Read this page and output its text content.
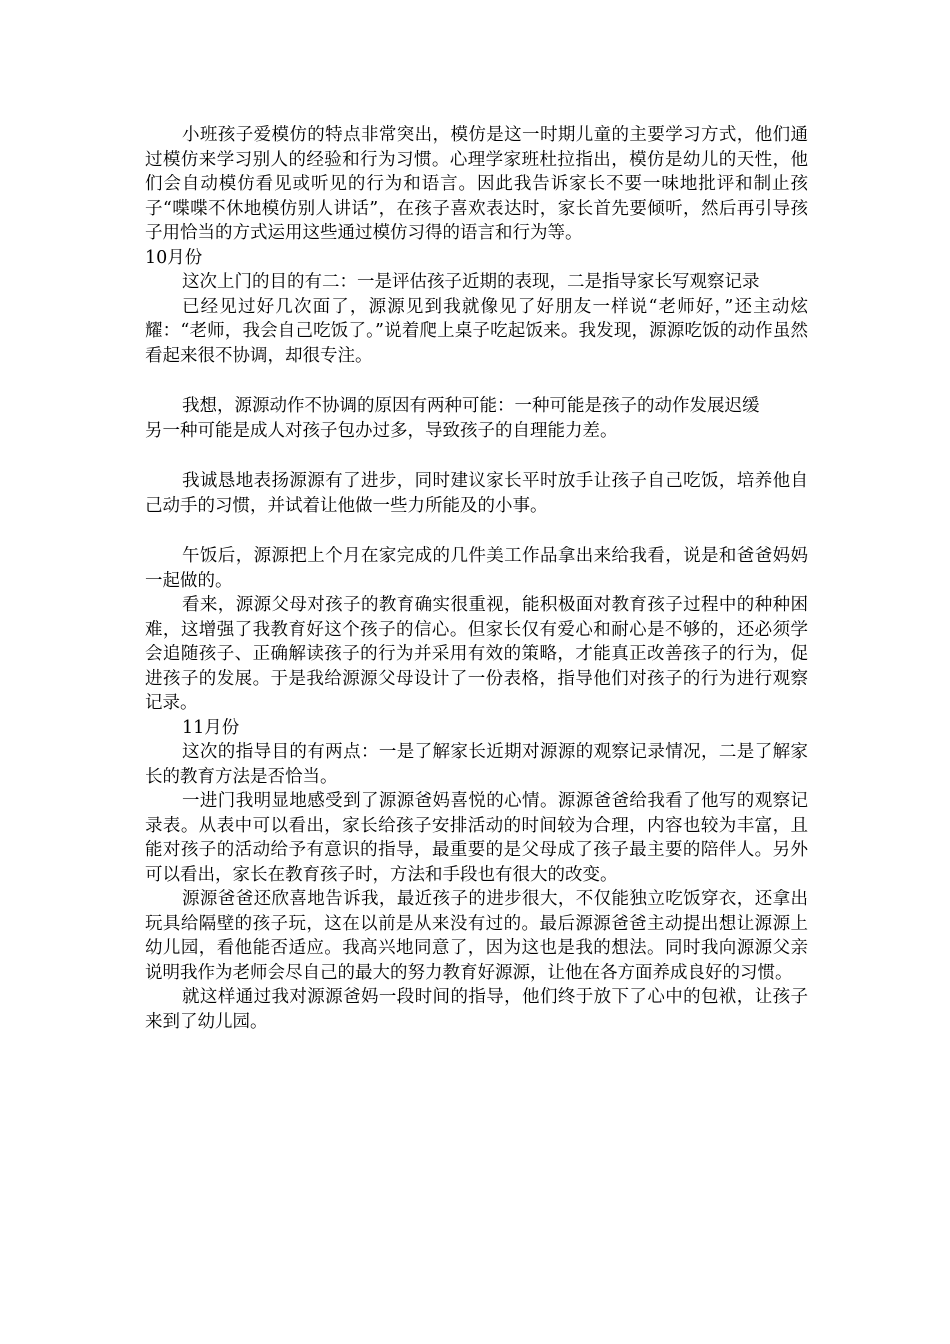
小班孩子爱模仿的特点非常突出，模仿是这一时期儿童的主要学习方式，他们通过模仿来学习别人的经验和行为习惯。心理学家班杜拉指出，模仿是幼儿的天性，他们会自动模仿看见或听见的行为和语言。因此我告诉家长不要一味地批评和制止孩子“喋喋不休地模仿别人讲话”，在孩子喜欢表达时，家长首先要倾听，然后再引导孩子用恰当的方式运用这些通过模仿习得的语言和行为等。

10月份

这次上门的目的有二：一是评估孩子近期的表现，二是指导家长写观察记录

已经见过好几次面了，源源见到我就像见了好朋友一样说“老师好，”还主动炫耀：“老师，我会自己吃饭了。”说着爬上桌子吃起饭来。我发现，源源吃饭的动作虽然看起来很不协调，却很专注。

我想，源源动作不协调的原因有两种可能：一种可能是孩子的动作发展迟缓

另一种可能是成人对孩子包办过多，导致孩子的自理能力差。

我诚恳地表扬源源有了进步，同时建议家长平时放手让孩子自己吃饭，培养他自己动手的习惯，并试着让他做一些力所能及的小事。

午饭后，源源把上个月在家完成的几件美工作品拿出来给我看，说是和爸爸妈妈一起做的。

看来，源源父母对孩子的教育确实很重视，能积极面对教育孩子过程中的种种困难，这增强了我教育好这个孩子的信心。但家长仅有爱心和耐心是不够的，还必须学会追随孩子、正确解读孩子的行为并采用有效的策略，才能真正改善孩子的行为，促进孩子的发展。于是我给源源父母设计了一份表格，指导他们对孩子的行为进行观察记录。

11月份

这次的指导目的有两点：一是了解家长近期对源源的观察记录情况，二是了解家长的教育方法是否恰当。

一进门我明显地感受到了源源爸妈喜悦的心情。源源爸爸给我看了他写的观察记录表。从表中可以看出，家长给孩子安排活动的时间较为合理，内容也较为丰富，且能对孩子的活动给予有意识的指导，最重要的是父母成了孩子最主要的陪伴人。另外可以看出，家长在教育孩子时，方法和手段也有很大的改变。

源源爸爸还欣喜地告诉我，最近孩子的进步很大，不仅能独立吃饭穿衣，还拿出玩具给隔壁的孩子玩，这在以前是从来没有过的。最后源源爸爸主动提出想让源源上幼儿园，看他能否适应。我高兴地同意了，因为这也是我的想法。同时我向源源父亲说明我作为老师会尽自己的最大的努力教育好源源，让他在各方面养成良好的习惯。

就这样通过我对源源爸妈一段时间的指导，他们终于放下了心中的包袱，让孩子来到了幼儿园。
